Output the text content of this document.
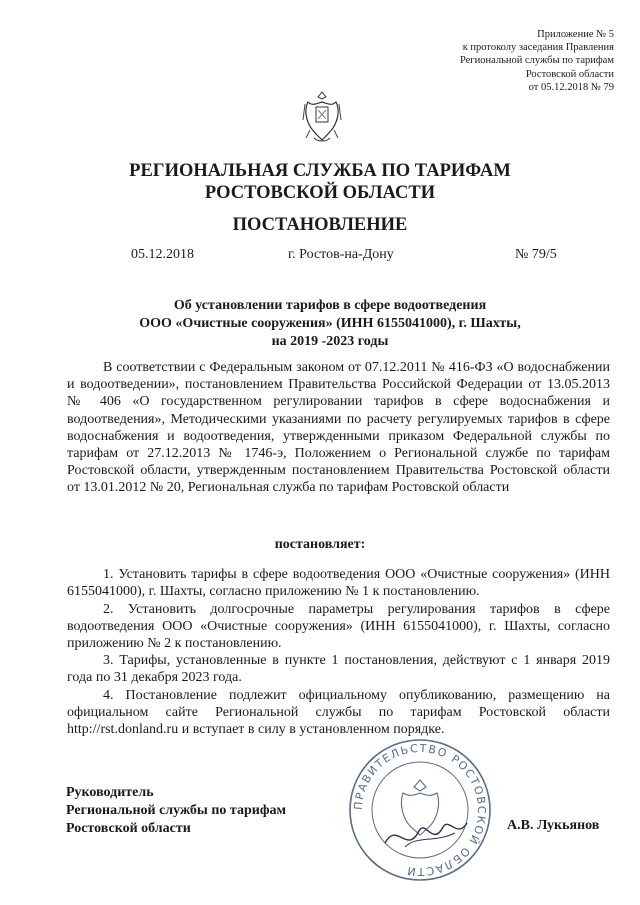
Приложение № 5
к протоколу заседания Правления
Региональной службы по тарифам
Ростовской области
от 05.12.2018 № 79
РЕГИОНАЛЬНАЯ СЛУЖБА ПО ТАРИФАМ
РОСТОВСКОЙ ОБЛАСТИ
ПОСТАНОВЛЕНИЕ
05.12.2018	г. Ростов-на-Дону	№ 79/5
Об установлении тарифов в сфере водоотведения
ООО «Очистные сооружения» (ИНН 6155041000), г. Шахты,
на 2019 -2023 годы

В соответствии с Федеральным законом от 07.12.2011 № 416-ФЗ «О водоснабжении и водоотведении», постановлением Правительства Российской Федерации от 13.05.2013 № 406 «О государственном регулировании тарифов в сфере водоснабжения и водоотведения», Методическими указаниями по расчету регулируемых тарифов в сфере водоснабжения и водоотведения, утвержденными приказом Федеральной службы по тарифам от 27.12.2013 № 1746-э, Положением о Региональной службе по тарифам Ростовской области, утвержденным постановлением Правительства Ростовской области от 13.01.2012 № 20, Региональная служба по тарифам Ростовской области

постановляет:

1. Установить тарифы в сфере водоотведения ООО «Очистные сооружения» (ИНН 6155041000), г. Шахты, согласно приложению № 1 к постановлению.

2. Установить долгосрочные параметры регулирования тарифов в сфере водоотведения ООО «Очистные сооружения» (ИНН 6155041000), г. Шахты, согласно приложению № 2 к постановлению.

3. Тарифы, установленные в пункте 1 постановления, действуют с 1 января 2019 года по 31 декабря 2023 года.

4. Постановление подлежит официальному опубликованию, размещению на официальном сайте Региональной службы по тарифам Ростовской области http://rst.donland.ru и вступает в силу в установленном порядке.

ПРАВИТЕЛЬСТВО РОСТОВСКОЙ ОБЛАСТИ
Руководитель
Региональной службы по тарифам
Ростовской области	А.В. Лукьянов
